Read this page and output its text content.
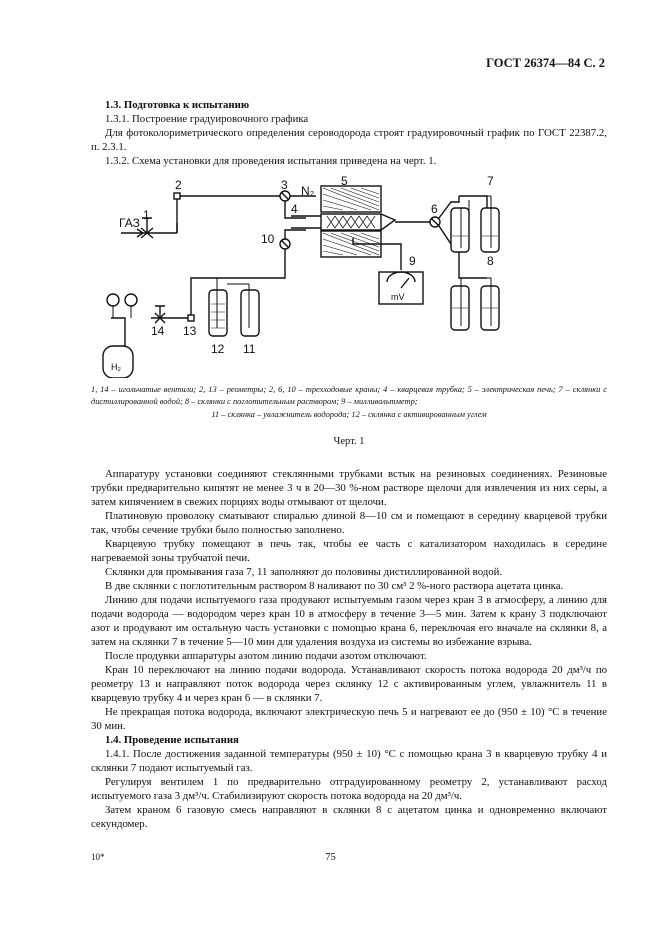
ГОСТ 26374—84 С. 2

1.3. Подготовка к испытанию

1.3.1. Построение градуировочного графика

Для фотоколориметрического определения сероводорода строят градуировочный график по ГОСТ 22387.2, п. 2.3.1.

1.3.2. Схема установки для проведения испытания приведена на черт. 1.

ГАЗ
1
2	3 N₂
4
5
6
7
8
9
mV
10
11
12
13
14
H₂
1, 14 – игольчатые вентили; 2, 13 – реометры; 2, 6, 10 – трехходовые краны; 4 – кварцевая трубка; 5 – электрическая печь; 7 – склянки с дистиллированной водой; 8 – склянки с поглотительным раствором; 9 – милливольтметр;
11 – склянка – увлажнитель водорода; 12 – склянка с активированным углем
Черт. 1

Аппаратуру установки соединяют стеклянными трубками встык на резиновых соединениях. Резиновые трубки предварительно кипятят не менее 3 ч в 20—30 %-ном растворе щелочи для извлечения из них серы, а затем кипячением в свежих порциях воды отмывают от щелочи.

Платиновую проволоку сматывают спиралью длиной 8—10 см и помещают в середину кварцевой трубки так, чтобы сечение трубки было полностью заполнено.

Кварцевую трубку помещают в печь так, чтобы ее часть с катализатором находилась в середине нагреваемой зоны трубчатой печи.

Склянки для промывания газа 7, 11 заполняют до половины дистиллированной водой.

В две склянки с поглотительным раствором 8 наливают по 30 см³ 2 %-ного раствора ацетата цинка.

Линию для подачи испытуемого газа продувают испытуемым газом через кран 3 в атмосферу, а линию для подачи водорода — водородом через кран 10 в атмосферу в течение 3—5 мин. Затем к крану 3 подключают азот и продувают им остальную часть установки с помощью крана 6, переключая его вначале на склянки 8, а затем на склянки 7 в течение 5—10 мин для удаления воздуха из системы во избежание взрыва.

После продувки аппаратуры азотом линию подачи азотом отключают.

Кран 10 переключают на линию подачи водорода. Устанавливают скорость потока водорода 20 дм³/ч по реометру 13 и направляют поток водорода через склянку 12 с активированным углем, увлажнитель 11 в кварцевую трубку 4 и через кран 6 — в склянки 7.

Не прекращая потока водорода, включают электрическую печь 5 и нагревают ее до (950 ± 10) °С в течение 30 мин.

1.4. Проведение испытания

1.4.1. После достижения заданной температуры (950 ± 10) °С с помощью крана 3 в кварцевую трубку 4 и склянки 7 подают испытуемый газ.

Регулируя вентилем 1 по предварительно отградуированному реометру 2, устанавливают расход испытуемого газа 3 дм³/ч. Стабилизируют скорость потока водорода на 20 дм³/ч.

Затем краном 6 газовую смесь направляют в склянки 8 с ацетатом цинка и одновременно включают секундомер.

10*	75
